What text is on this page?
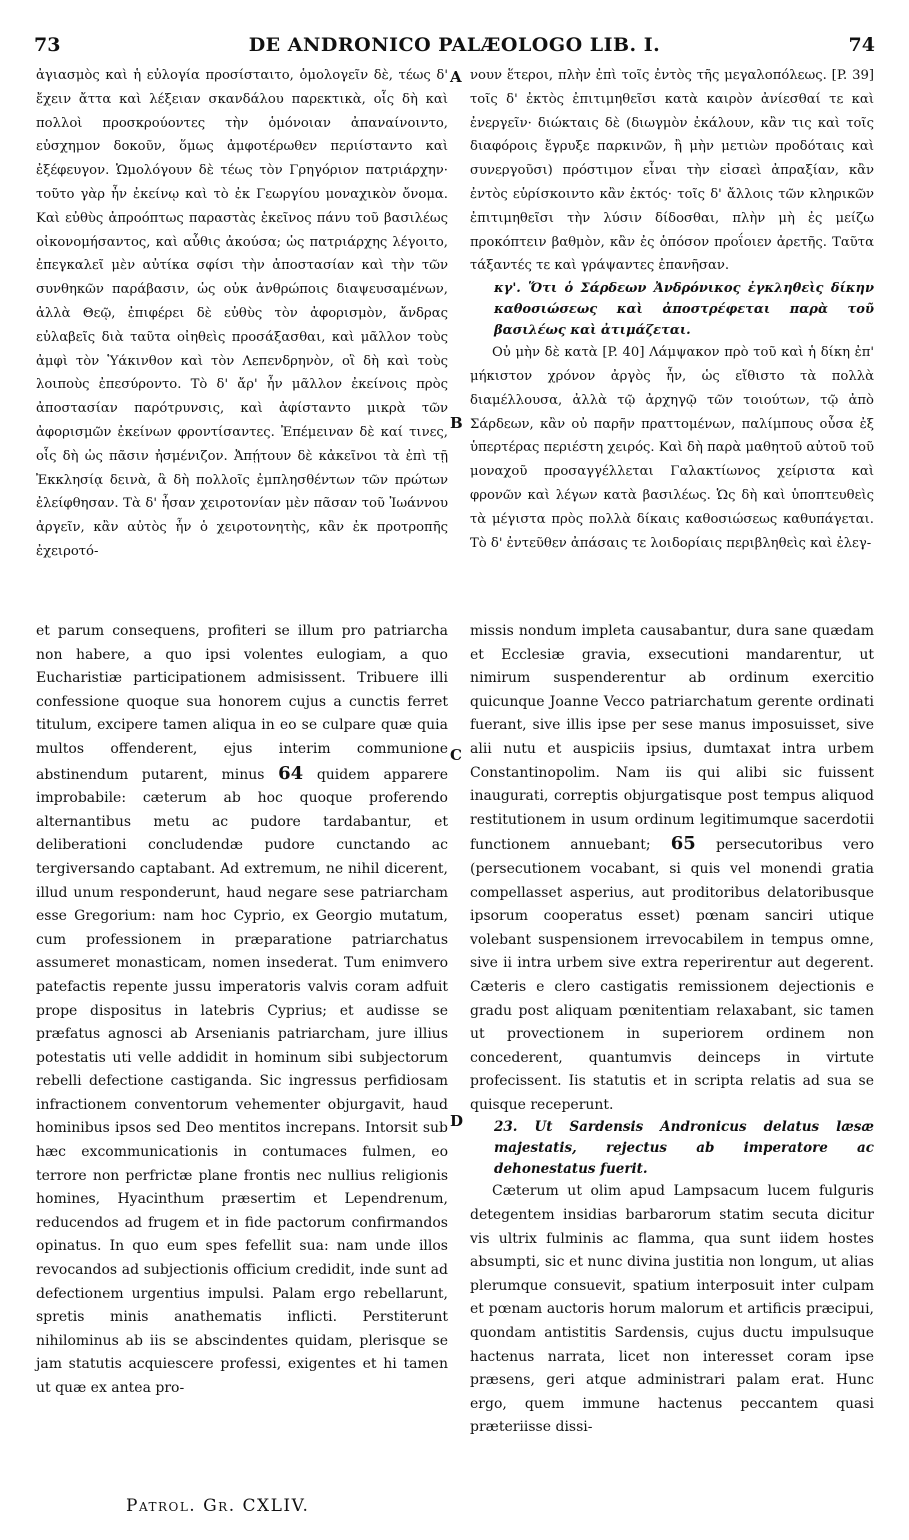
73	DE ANDRONICO PALÆOLOGO LIB. I.	74
A
B
C
D

ἀγιασμὸς καὶ ἡ εὐλογία προσίσταιτο, ὁμολογεῖν δὲ, τέως δ' ἔχειν ἄττα καὶ λέξειαν σκανδάλου παρεκτικὰ, οἷς δὴ καὶ πολλοὶ προσκρούοντες τὴν ὁμόνοιαν ἀπαναίνοιντο, εὐσχημον δοκοῦν, ὅμως ἀμφοτέρωθεν περιίσταντο καὶ ἐξέφευγον. Ὡμολόγουν δὲ τέως τὸν Γρηγόριον πατριάρχην· τοῦτο γὰρ ἦν ἐκείνῳ καὶ τὸ ἐκ Γεωργίου μοναχικὸν ὄνομα. Καὶ εὐθὺς ἀπροόπτως παραστὰς ἐκεῖνος πάνυ τοῦ βασιλέως οἰκονομήσαντος, καὶ αὖθις ἀκούσα; ὡς πατριάρχης λέγοιτο, ἐπεγκαλεῖ μὲν αὐτίκα σφίσι τὴν ἀποστασίαν καὶ τὴν τῶν συνθηκῶν παράβασιν, ὡς οὐκ ἀνθρώποις διαψευσαμένων, ἀλλὰ Θεῷ, ἐπιφέρει δὲ εὐθὺς τὸν ἀφορισμὸν, ἄνδρας εὐλαβεῖς διὰ ταῦτα οἰηθεὶς προσάξασθαι, καὶ μᾶλλον τοὺς ἀμφὶ τὸν Ὑάκινθον καὶ τὸν Λεπενδρηνὸν, οἳ δὴ καὶ τοὺς λοιποὺς ἐπεσύροντο. Τὸ δ' ἄρ' ἦν μᾶλλον ἐκείνοις πρὸς ἀποστασίαν παρότρυνσις, καὶ ἀφίσταντο μικρὰ τῶν ἀφορισμῶν ἐκείνων φροντίσαντες. Ἐπέμειναν δὲ καί τινες, οἷς δὴ ὡς πᾶσιν ἠσμένιζον. Ἀπῄτουν δὲ κἀκεῖνοι τὰ ἐπὶ τῇ Ἐκκλησίᾳ δεινὰ, ἃ δὴ πολλοῖς ἐμπλησθέντων τῶν πρώτων ἐλείφθησαν. Τὰ δ' ἦσαν χειροτονίαν μὲν πᾶσαν τοῦ Ἰωάννου ἀργεῖν, κἂν αὐτὸς ἦν ὁ χειροτονητὴς, κἂν ἐκ προτροπῆς ἐχειροτό-

νουν ἕτεροι, πλὴν ἐπὶ τοῖς ἐντὸς τῆς μεγαλοπόλεως. [P. 39] τοῖς δ' ἐκτὸς ἐπιτιμηθεῖσι κατὰ καιρὸν ἀνίεσθαί τε καὶ ἐνεργεῖν· διώκταις δὲ (διωγμὸν ἐκάλουν, κἂν τις καὶ τοῖς διαφόροις ἔγρυξε παρκινῶν, ἢ μὴν μετιὼν προδόταις καὶ συνεργοῦσι) πρόστιμον εἶναι τὴν εἰσαεὶ ἀπραξίαν, κἂν ἐντὸς εὑρίσκοιντο κἂν ἐκτός· τοῖς δ' ἄλλοις τῶν κληρικῶν ἐπιτιμηθεῖσι τὴν λύσιν δίδοσθαι, πλὴν μὴ ἐς μείζω προκόπτειν βαθμὸν, κἂν ἐς ὁπόσον προΐοιεν ἀρετῆς. Ταῦτα τάξαντές τε καὶ γράψαντες ἐπανῆσαν.

κγ'. Ὅτι ὁ Σάρδεων Ἀνδρόνικος ἐγκληθεὶς δίκην καθοσιώσεως καὶ ἀποστρέφεται παρὰ τοῦ βασιλέως καὶ ἀτιμάζεται.

Οὐ μὴν δὲ κατὰ [P. 40] Λάμψακον πρὸ τοῦ καὶ ἡ δίκη ἐπ' μήκιστον χρόνον ἀργὸς ἦν, ὡς εἴθιστο τὰ πολλὰ διαμέλλουσα, ἀλλὰ τῷ ἀρχηγῷ τῶν τοιούτων, τῷ ἀπὸ Σάρδεων, κἂν οὐ παρῆν πραττομένων, παλίμπους οὖσα ἐξ ὑπερτέρας περιέστη χειρός. Καὶ δὴ παρὰ μαθητοῦ αὐτοῦ τοῦ μοναχοῦ προσαγγέλλεται Γαλακτίωνος χείριστα καὶ φρονῶν καὶ λέγων κατὰ βασιλέως. Ὡς δὴ καὶ ὑποπτευθεὶς τὰ μέγιστα πρὸς πολλὰ δίκαις καθοσιώσεως καθυπάγεται. Τὸ δ' ἐντεῦθεν ἀπάσαις τε λοιδορίαις περιβληθεὶς καὶ ἐλεγ-

et parum consequens, profiteri se illum pro patriarcha non habere, a quo ipsi volentes eulogiam, a quo Eucharistiæ participationem admisissent. Tribuere illi confessione quoque sua honorem cujus a cunctis ferret titulum, excipere tamen aliqua in eo se culpare quæ quia multos offenderent, ejus interim communione abstinendum putarent, minus 64 quidem apparere improbabile: cæterum ab hoc quoque proferendo alternantibus metu ac pudore tardabantur, et deliberationi concludendæ pudore cunctando ac tergiversando captabant. Ad extremum, ne nihil dicerent, illud unum responderunt, haud negare sese patriarcham esse Gregorium: nam hoc Cyprio, ex Georgio mutatum, cum professionem in præparatione patriarchatus assumeret monasticam, nomen insederat. Tum enimvero patefactis repente jussu imperatoris valvis coram adfuit prope dispositus in latebris Cyprius; et audisse se præfatus agnosci ab Arsenianis patriarcham, jure illius potestatis uti velle addidit in hominum sibi subjectorum rebelli defectione castiganda. Sic ingressus perfidiosam infractionem conventorum vehementer objurgavit, haud hominibus ipsos sed Deo mentitos increpans. Intorsit sub hæc excommunicationis in contumaces fulmen, eo terrore non perfrictæ plane frontis nec nullius religionis homines, Hyacinthum præsertim et Lependrenum, reducendos ad frugem et in fide pactorum confirmandos opinatus. In quo eum spes fefellit sua: nam unde illos revocandos ad subjectionis officium credidit, inde sunt ad defectionem urgentius impulsi. Palam ergo rebellarunt, spretis minis anathematis inflicti. Perstiterunt nihilominus ab iis se abscindentes quidam, plerisque se jam statutis acquiescere professi, exigentes et hi tamen ut quæ ex antea pro-

missis nondum impleta causabantur, dura sane quædam et Ecclesiæ gravia, exsecutioni mandarentur, ut nimirum suspenderentur ab ordinum exercitio quicunque Joanne Vecco patriarchatum gerente ordinati fuerant, sive illis ipse per sese manus imposuisset, sive alii nutu et auspiciis ipsius, dumtaxat intra urbem Constantinopolim. Nam iis qui alibi sic fuissent inaugurati, correptis objurgatisque post tempus aliquod restitutionem in usum ordinum legitimumque sacerdotii functionem annuebant; 65 persecutoribus vero (persecutionem vocabant, si quis vel monendi gratia compellasset asperius, aut proditoribus delatoribusque ipsorum cooperatus esset) pœnam sanciri utique volebant suspensionem irrevocabilem in tempus omne, sive ii intra urbem sive extra reperirentur aut degerent. Cæteris e clero castigatis remissionem dejectionis e gradu post aliquam pœnitentiam relaxabant, sic tamen ut provectionem in superiorem ordinem non concederent, quantumvis deinceps in virtute profecissent. Iis statutis et in scripta relatis ad sua se quisque receperunt.

23. Ut Sardensis Andronicus delatus læsæ majestatis, rejectus ab imperatore ac dehonestatus fuerit.

Cæterum ut olim apud Lampsacum lucem fulguris detegentem insidias barbarorum statim secuta dicitur vis ultrix fulminis ac flamma, qua sunt iidem hostes absumpti, sic et nunc divina justitia non longum, ut alias plerumque consuevit, spatium interposuit inter culpam et pœnam auctoris horum malorum et artificis præcipui, quondam antistitis Sardensis, cujus ductu impulsuque hactenus narrata, licet non interesset coram ipse præsens, geri atque administrari palam erat. Hunc ergo, quem immune hactenus peccantem quasi præteriisse dissi-

Patrol. Gr. CXLIV.
